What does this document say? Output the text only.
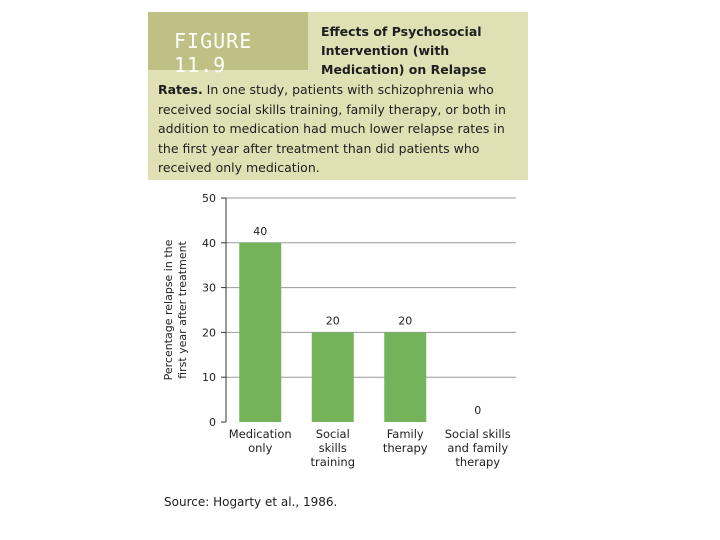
FIGURE 11.9
Effects of Psychosocial Intervention (with Medication) on Relapse
Rates. In one study, patients with schizophrenia who received social skills training, family therapy, or both in addition to medication had much lower relapse rates in the first year after treatment than did patients who received only medication.
0
10
20
30
40
50
Percentage relapse in the first year after treatment
40
Medication
only
20
Social
skills
training
20
Family
therapy
0
Social skills
and family
therapy
Source: Hogarty et al., 1986.
